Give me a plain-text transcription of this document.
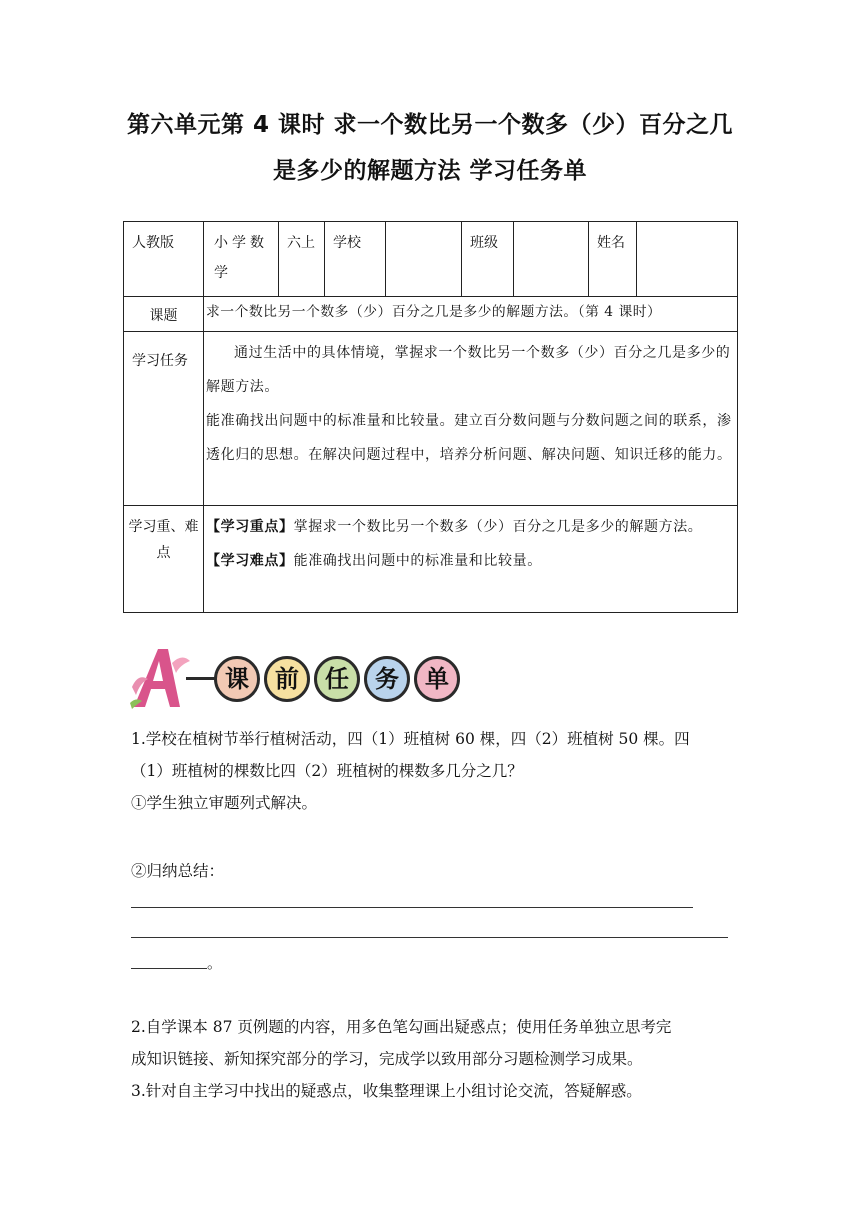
第六单元第 4 课时 求一个数比另一个数多（少）百分之几
是多少的解题方法 学习任务单
人教版	小学数学	六上	学校		班级		姓名	

课题	求一个数比另一个数多（少）百分之几是多少的解题方法。（第 4 课时）							

学习任务	通过生活中的具体情境，掌握求一个数比另一个数多（少）百分之几是多少的解题方法。
能准确找出问题中的标准量和比较量。建立百分数问题与分数问题之间的联系，渗透化归的思想。在解决问题过程中，培养分析问题、解决问题、知识迁移的能力。							

学习重、难点	【学习重点】掌握求一个数比另一个数多（少）百分之几是多少的解题方法。
【学习难点】能准确找出问题中的标准量和比较量。							
课	前	任	务	单
1.学校在植树节举行植树活动，四（1）班植树 60 棵，四（2）班植树 50 棵。四
（1）班植树的棵数比四（2）班植树的棵数多几分之几？
①学生独立审题列式解决。
②归纳总结：
。
2.自学课本 87 页例题的内容，用多色笔勾画出疑惑点；使用任务单独立思考完
成知识链接、新知探究部分的学习，完成学以致用部分习题检测学习成果。
3.针对自主学习中找出的疑惑点，收集整理课上小组讨论交流，答疑解惑。
